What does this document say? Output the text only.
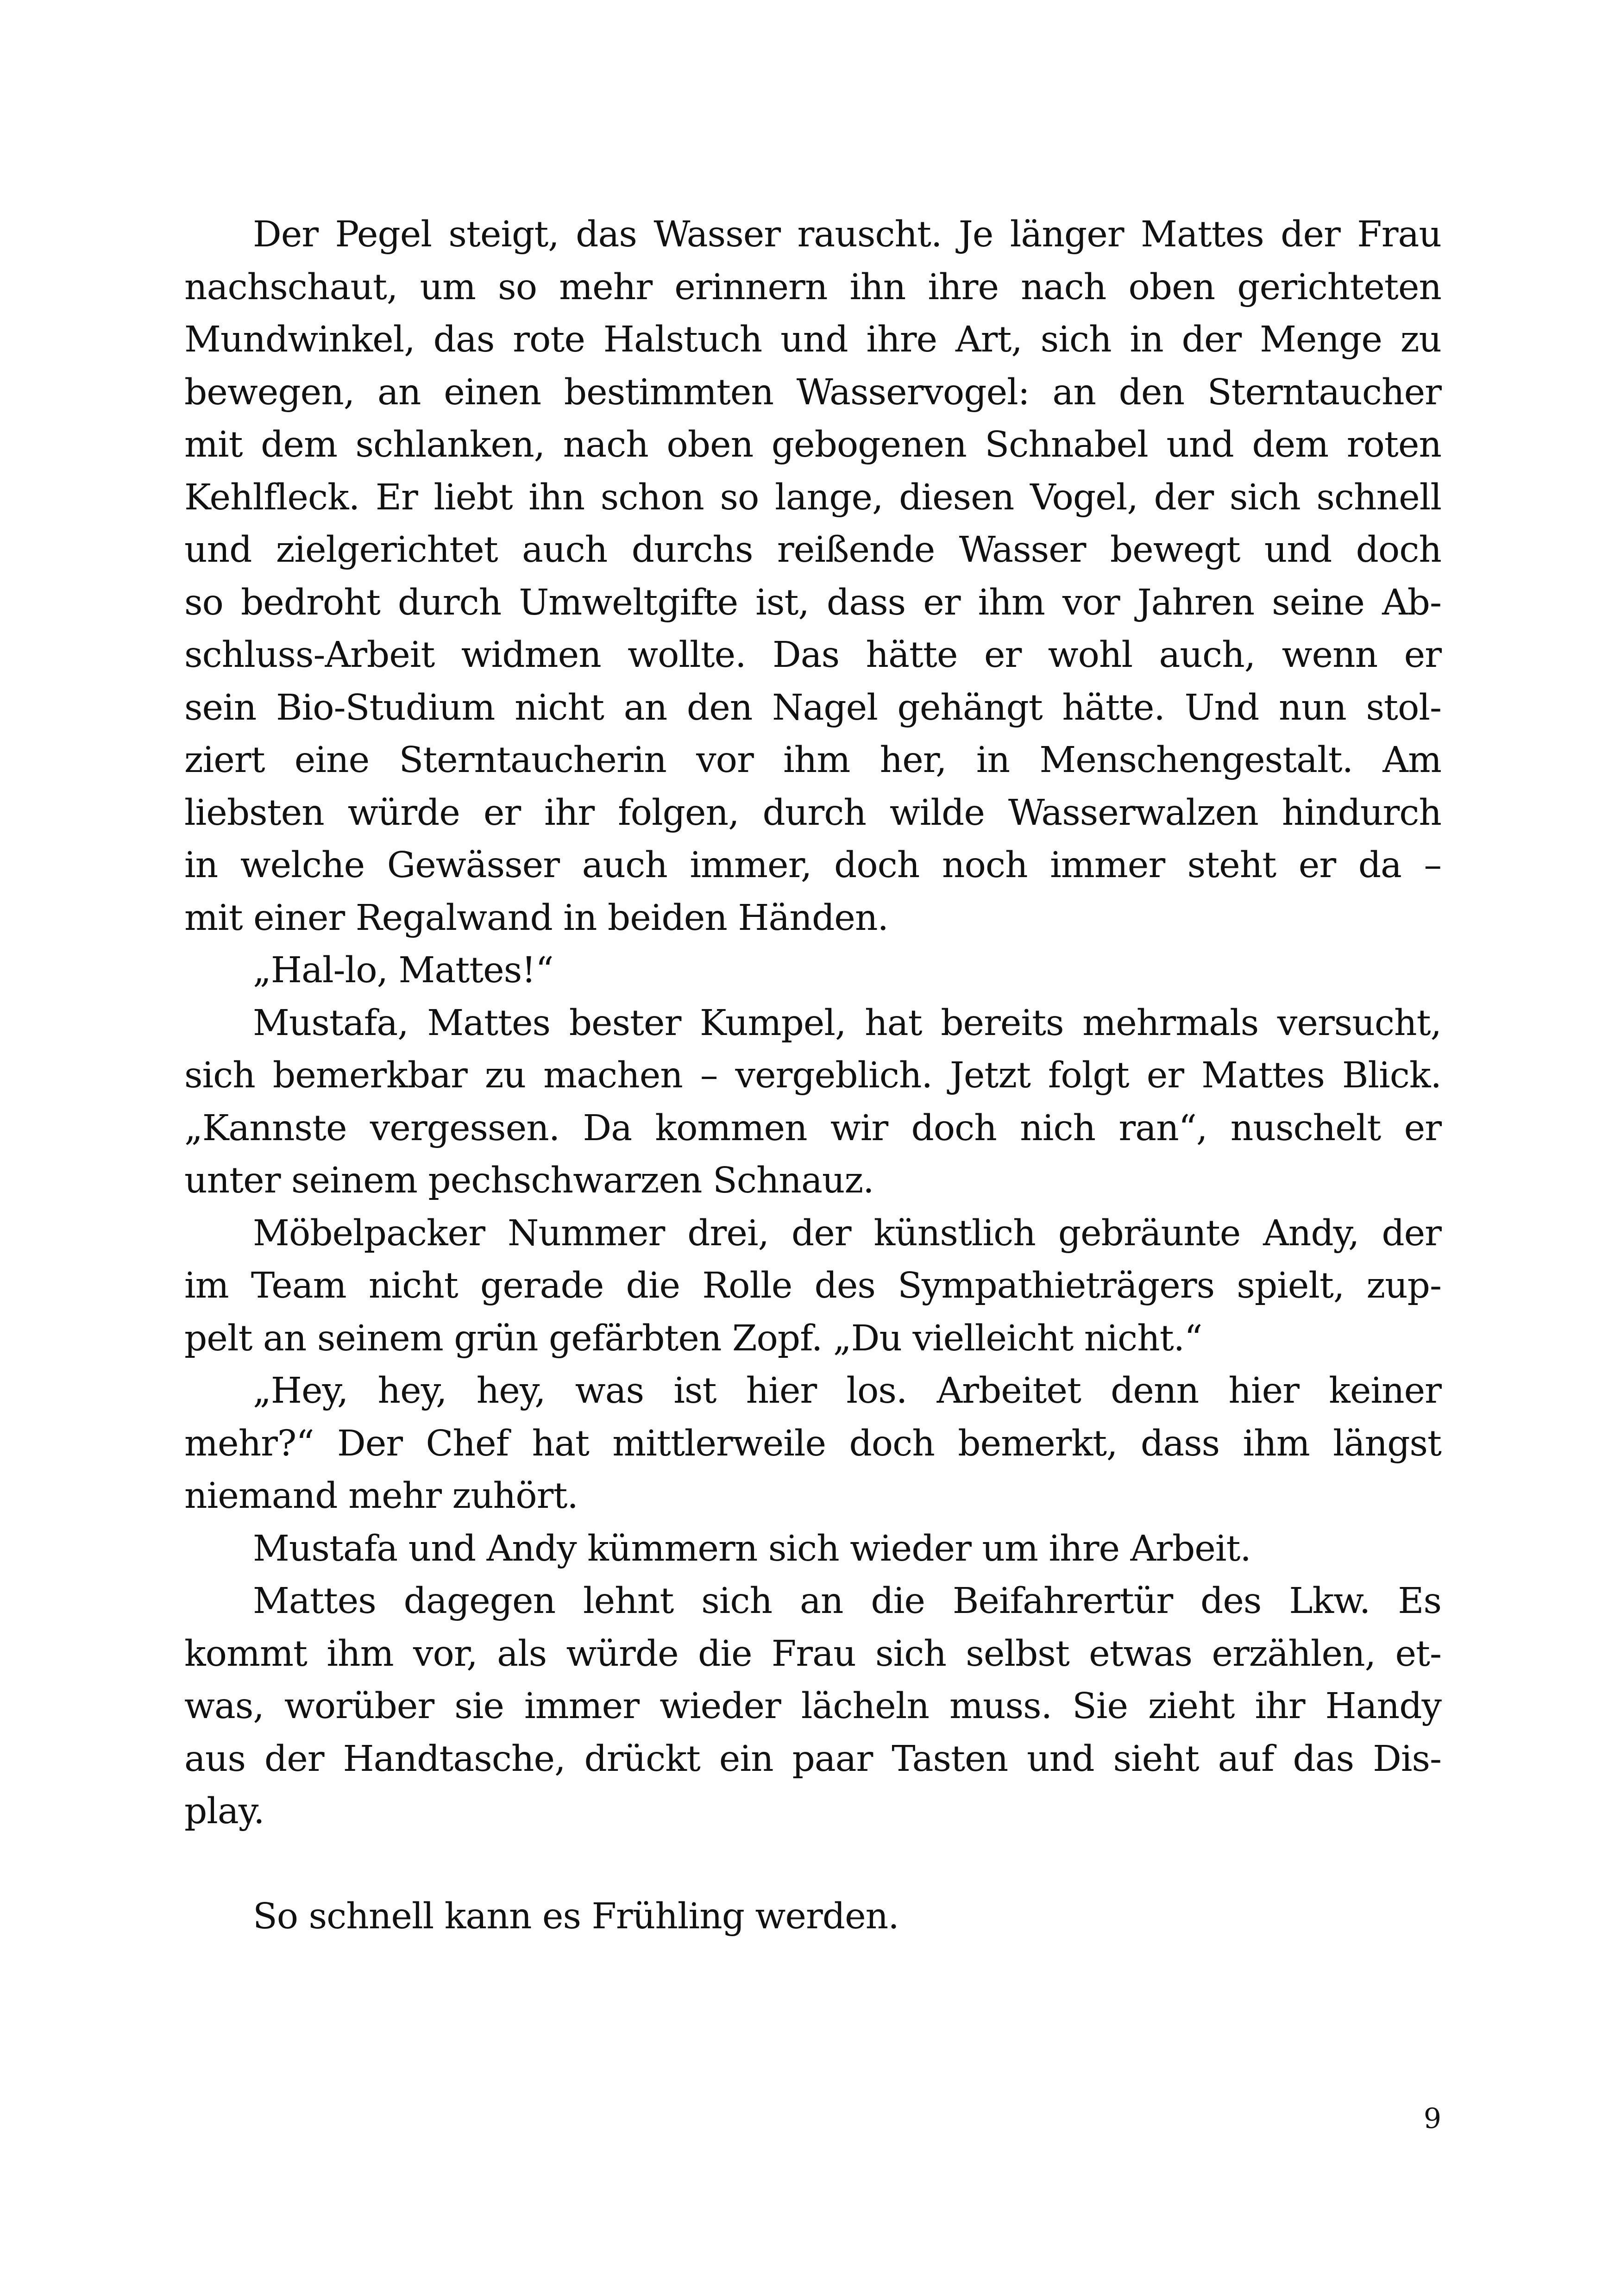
Der Pegel steigt, das Wasser rauscht. Je länger Mattes der Frau
nachschaut, um so mehr erinnern ihn ihre nach oben gerichteten
Mundwinkel, das rote Halstuch und ihre Art, sich in der Menge zu
bewegen, an einen bestimmten Wasservogel: an den Sterntaucher
mit dem schlanken, nach oben gebogenen Schnabel und dem roten
Kehlfleck. Er liebt ihn schon so lange, diesen Vogel, der sich schnell
und zielgerichtet auch durchs reißende Wasser bewegt und doch
so bedroht durch Umweltgifte ist, dass er ihm vor Jahren seine Ab-
schluss-Arbeit widmen wollte. Das hätte er wohl auch, wenn er
sein Bio-Studium nicht an den Nagel gehängt hätte. Und nun stol-
ziert eine Sterntaucherin vor ihm her, in Menschengestalt. Am
liebsten würde er ihr folgen, durch wilde Wasserwalzen hindurch
in welche Gewässer auch immer, doch noch immer steht er da –
mit einer Regalwand in beiden Händen.
„Hal-lo, Mattes!“
Mustafa, Mattes bester Kumpel, hat bereits mehrmals versucht,
sich bemerkbar zu machen – vergeblich. Jetzt folgt er Mattes Blick.
„Kannste vergessen. Da kommen wir doch nich ran“, nuschelt er
unter seinem pechschwarzen Schnauz.
Möbelpacker Nummer drei, der künstlich gebräunte Andy, der
im Team nicht gerade die Rolle des Sympathieträgers spielt, zup-
pelt an seinem grün gefärbten Zopf. „Du vielleicht nicht.“
„Hey, hey, hey, was ist hier los. Arbeitet denn hier keiner
mehr?“ Der Chef hat mittlerweile doch bemerkt, dass ihm längst
niemand mehr zuhört.
Mustafa und Andy kümmern sich wieder um ihre Arbeit.
Mattes dagegen lehnt sich an die Beifahrertür des Lkw. Es
kommt ihm vor, als würde die Frau sich selbst etwas erzählen, et-
was, worüber sie immer wieder lächeln muss. Sie zieht ihr Handy
aus der Handtasche, drückt ein paar Tasten und sieht auf das Dis-
play.
So schnell kann es Frühling werden.
9
